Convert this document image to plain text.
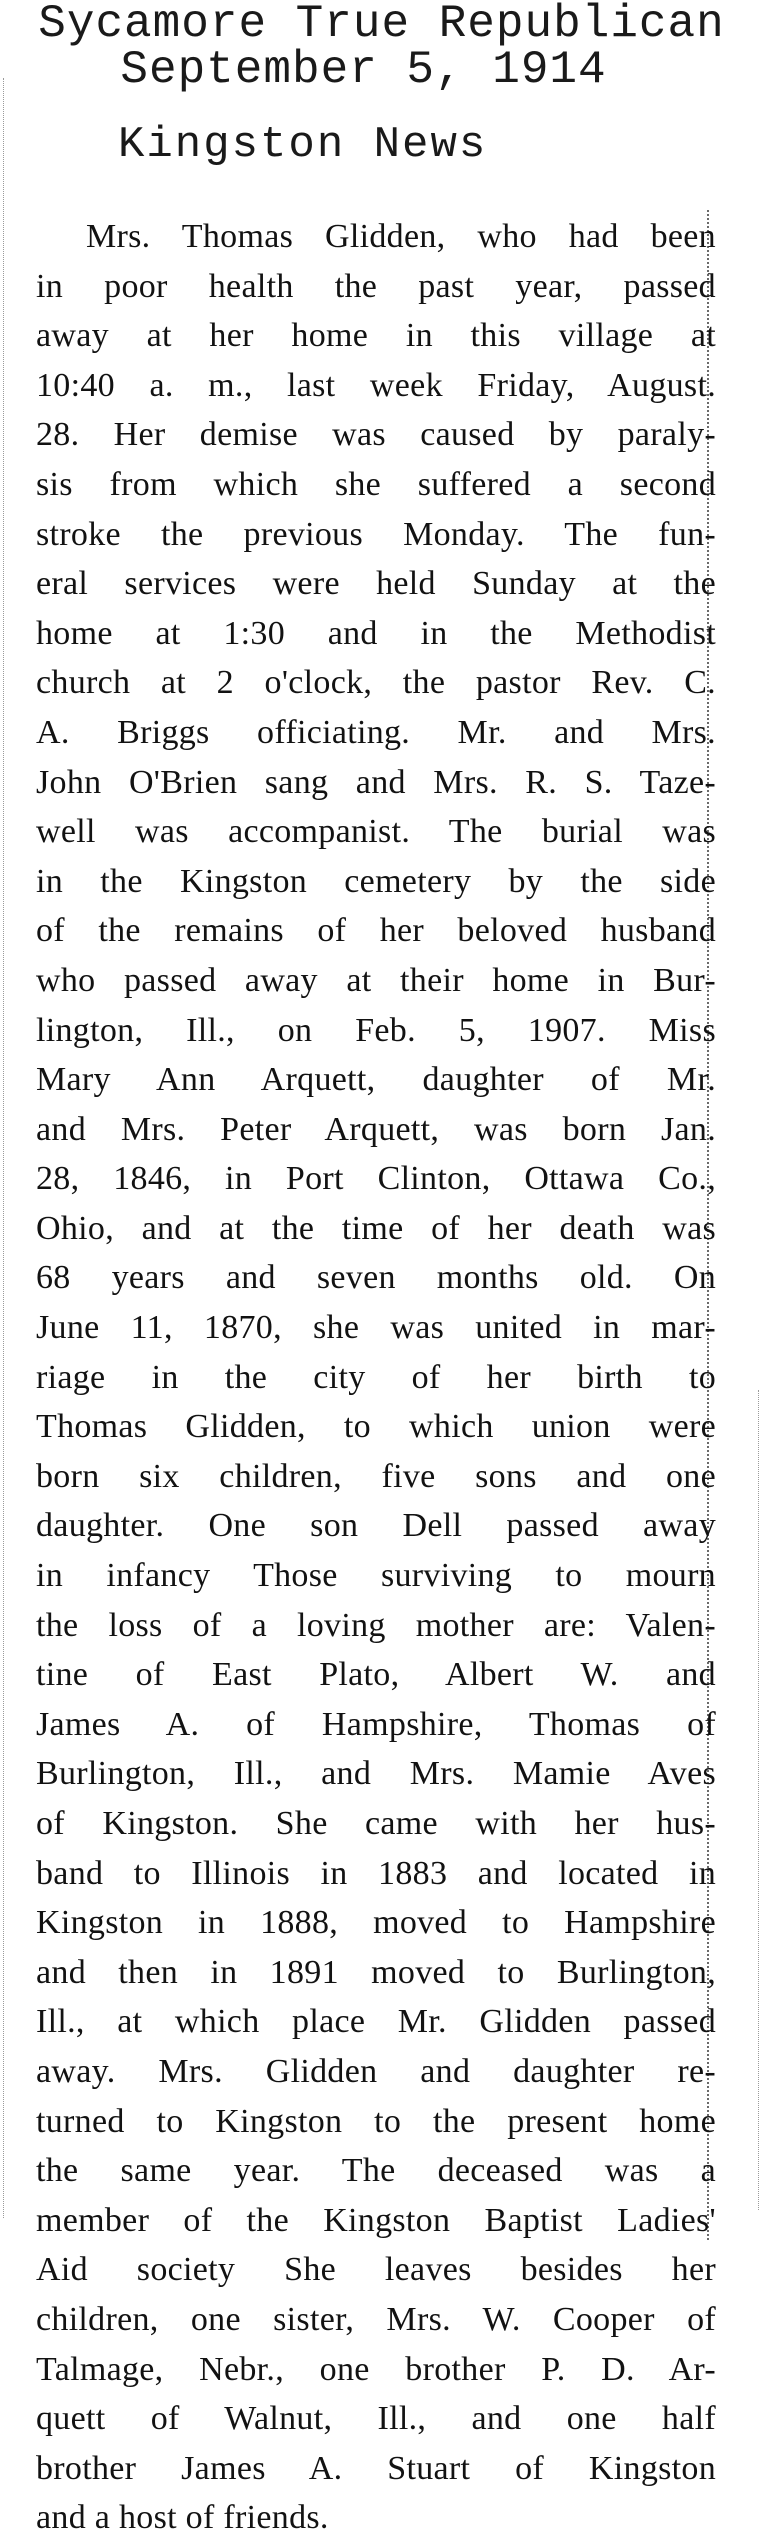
Sycamore True Republican
September 5, 1914
Kingston News
Mrs. Thomas Glidden, who had been
in poor health the past year, passed
away at her home in this village at
10:40 a. m., last week Friday, August.
28. Her demise was caused by paraly-
sis from which she suffered a second
stroke the previous Monday. The fun-
eral services were held Sunday at the
home at 1:30 and in the Methodist
church at 2 o'clock, the pastor Rev. C.
A. Briggs officiating. Mr. and Mrs.
John O'Brien sang and Mrs. R. S. Taze-
well was accompanist. The burial was
in the Kingston cemetery by the side
of the remains of her beloved husband
who passed away at their home in Bur-
lington, Ill., on Feb. 5, 1907. Miss
Mary Ann Arquett, daughter of Mr.
and Mrs. Peter Arquett, was born Jan.
28, 1846, in Port Clinton, Ottawa Co.,
Ohio, and at the time of her death was
68 years and seven months old. On
June 11, 1870, she was united in mar-
riage in the city of her birth to
Thomas Glidden, to which union were
born six children, five sons and one
daughter. One son Dell passed away
in infancy Those surviving to mourn
the loss of a loving mother are: Valen-
tine of East Plato, Albert W. and
James A. of Hampshire, Thomas of
Burlington, Ill., and Mrs. Mamie Aves
of Kingston. She came with her hus-
band to Illinois in 1883 and located in
Kingston in 1888, moved to Hampshire
and then in 1891 moved to Burlington,
Ill., at which place Mr. Glidden passed
away. Mrs. Glidden and daughter re-
turned to Kingston to the present home
the same year. The deceased was a
member of the Kingston Baptist Ladies'
Aid society She leaves besides her
children, one sister, Mrs. W. Cooper of
Talmage, Nebr., one brother P. D. Ar-
quett of Walnut, Ill., and one half
brother James A. Stuart of Kingston
and a host of friends.
